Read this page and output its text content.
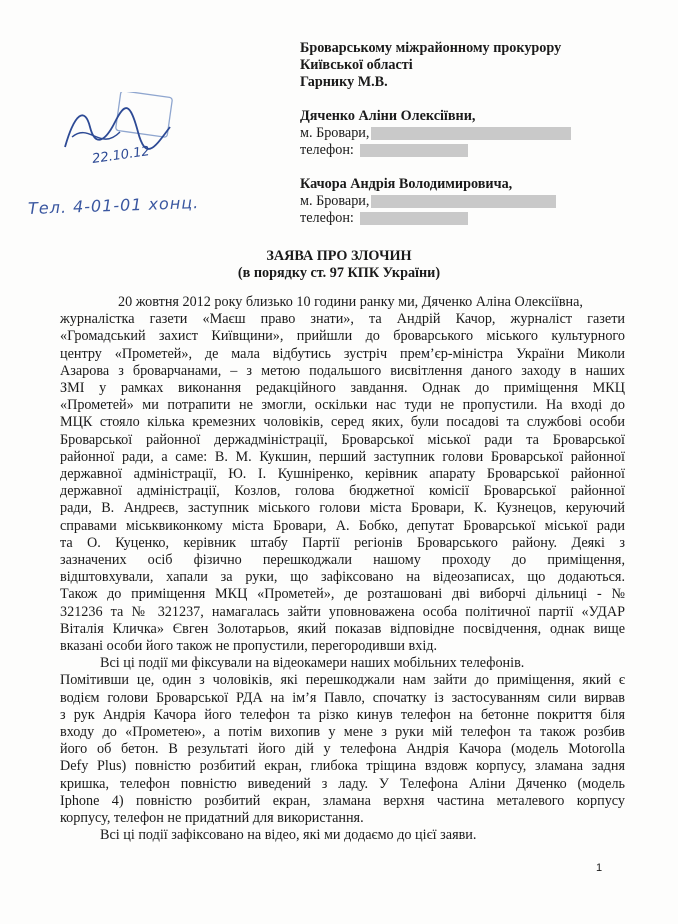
22.10.12
Тел. 4-01-01 хонц.
Броварському міжрайонному прокурору
Київської області
Гарнику М.В.
Дяченко Аліни Олексіївни,
м. Бровари,
телефон:
Качора Андрія Володимировича,
м. Бровари,
телефон:
ЗАЯВА ПРО ЗЛОЧИН
(в порядку ст. 97 КПК України)
20 жовтня 2012 року близько 10 години ранку ми, Дяченко Аліна Олексіївна,
журналістка газети «Маєш право знати», та Андрій Качор, журналіст газети
«Громадський захист Київщини», прийшли до броварського міського культурного
центру «Прометей», де мала відбутись зустріч прем’єр-міністра України Миколи
Азарова з броварчанами, – з метою подальшого висвітлення даного заходу в наших
ЗМІ у рамках виконання редакційного завдання. Однак до приміщення МКЦ
«Прометей» ми потрапити не змогли, оскільки нас туди не пропустили. На вході до
МЦК стояло кілька кремезних чоловіків, серед яких, були посадові та службові особи
Броварської районної держадміністрації, Броварської міської ради та Броварської
районної ради, а саме: В. М. Кукшин, перший заступник голови Броварської районної
державної адміністрації, Ю. І. Кушніренко, керівник апарату Броварської районної
державної адміністрації, Козлов, голова бюджетної комісії Броварської районної
ради, В. Андреєв, заступник міського голови міста Бровари, К. Кузнецов, керуючий
справами міськвиконкому міста Бровари, А. Бобко, депутат Броварської міської ради
та О. Куценко, керівник штабу Партії регіонів Броварського району. Деякі з
зазначених осіб фізично перешкоджали нашому проходу до приміщення,
відштовхували, хапали за руки, що зафіксовано на відеозаписах, що додаються.
Також до приміщення МКЦ «Прометей», де розташовані дві виборчі дільниці - №
321236 та № 321237, намагалась зайти уповноважена особа політичної партії «УДАР
Віталія Кличка» Євген Золотарьов, який показав відповідне посвідчення, однак вище
вказані особи його також не пропустили, перегородивши вхід.
Всі ці події ми фіксували на відеокамери наших мобільних телефонів.
Помітивши це, один з чоловіків, які перешкоджали нам зайти до приміщення, який є
водієм голови Броварської РДА на ім’я Павло, спочатку із застосуванням сили вирвав
з рук Андрія Качора його телефон та різко кинув телефон на бетонне покриття біля
входу до «Прометею», а потім вихопив у мене з руки мій телефон та також розбив
його об бетон. В результаті його дій у телефона Андрія Качора (модель Motorolla
Defy Plus) повністю розбитий екран, глибока тріщина вздовж корпусу, зламана задня
кришка, телефон повністю виведений з ладу. У Телефона Аліни Дяченко (модель
Iphone 4) повністю розбитий екран, зламана верхня частина металевого корпусу
корпусу, телефон не придатний для використання.
Всі ці події зафіксовано на відео, які ми додаємо до цієї заяви.
1
